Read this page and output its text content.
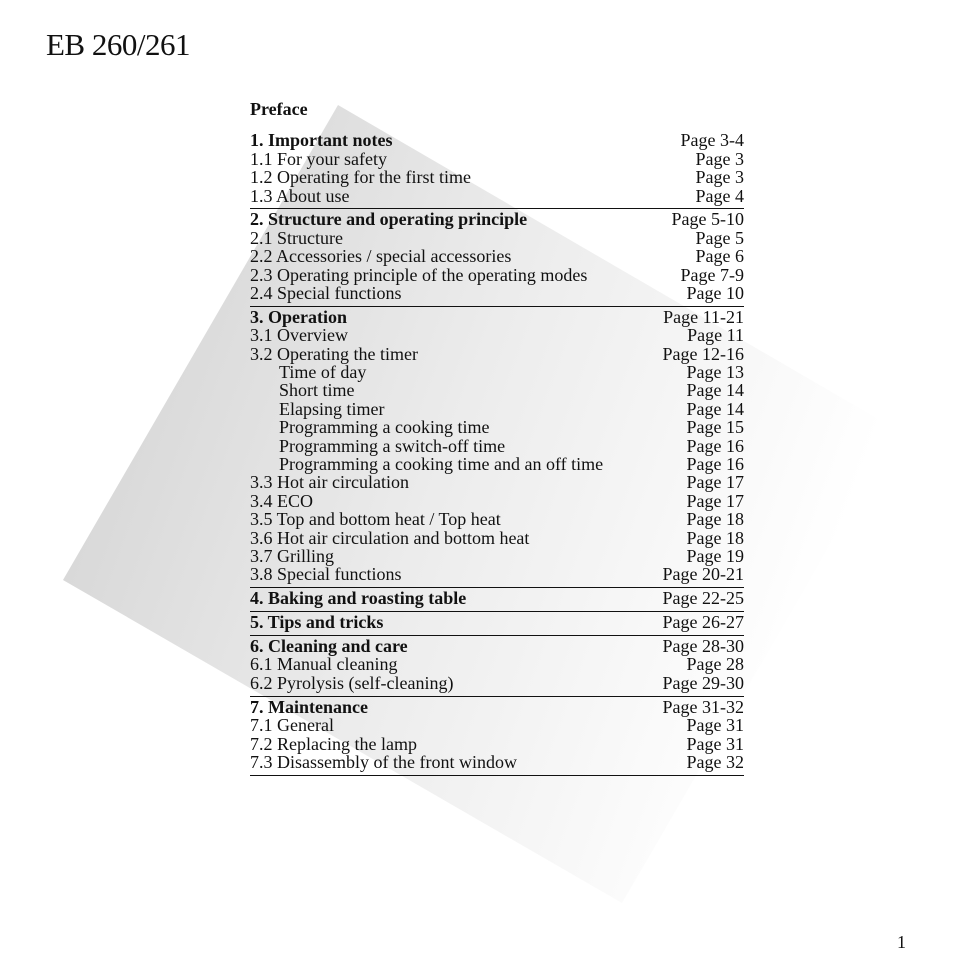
EB 260/261
Preface
1. Important notes	Page 3-4
1.1 For your safety	Page 3
1.2 Operating for the first time	Page 3
1.3 About use	Page 4
2. Structure and operating principle	Page 5-10
2.1 Structure	Page 5
2.2 Accessories / special accessories	Page 6
2.3 Operating principle of the operating modes	Page 7-9
2.4 Special functions	Page 10
3. Operation	Page 11-21
3.1 Overview	Page 11
3.2 Operating the timer	Page 12-16
Time of day	Page 13
Short time	Page 14
Elapsing timer	Page 14
Programming a cooking time	Page 15
Programming a switch-off time	Page 16
Programming a cooking time and an off time	Page 16
3.3 Hot air circulation	Page 17
3.4 ECO	Page 17
3.5 Top and bottom heat / Top heat	Page 18
3.6 Hot air circulation and bottom heat	Page 18
3.7 Grilling	Page 19
3.8 Special functions	Page 20-21
4. Baking and roasting table	Page 22-25
5. Tips and tricks	Page 26-27
6. Cleaning and care	Page 28-30
6.1 Manual cleaning	Page 28
6.2 Pyrolysis (self-cleaning)	Page 29-30
7. Maintenance	Page 31-32
7.1 General	Page 31
7.2 Replacing the lamp	Page 31
7.3 Disassembly of the front window	Page 32
1
